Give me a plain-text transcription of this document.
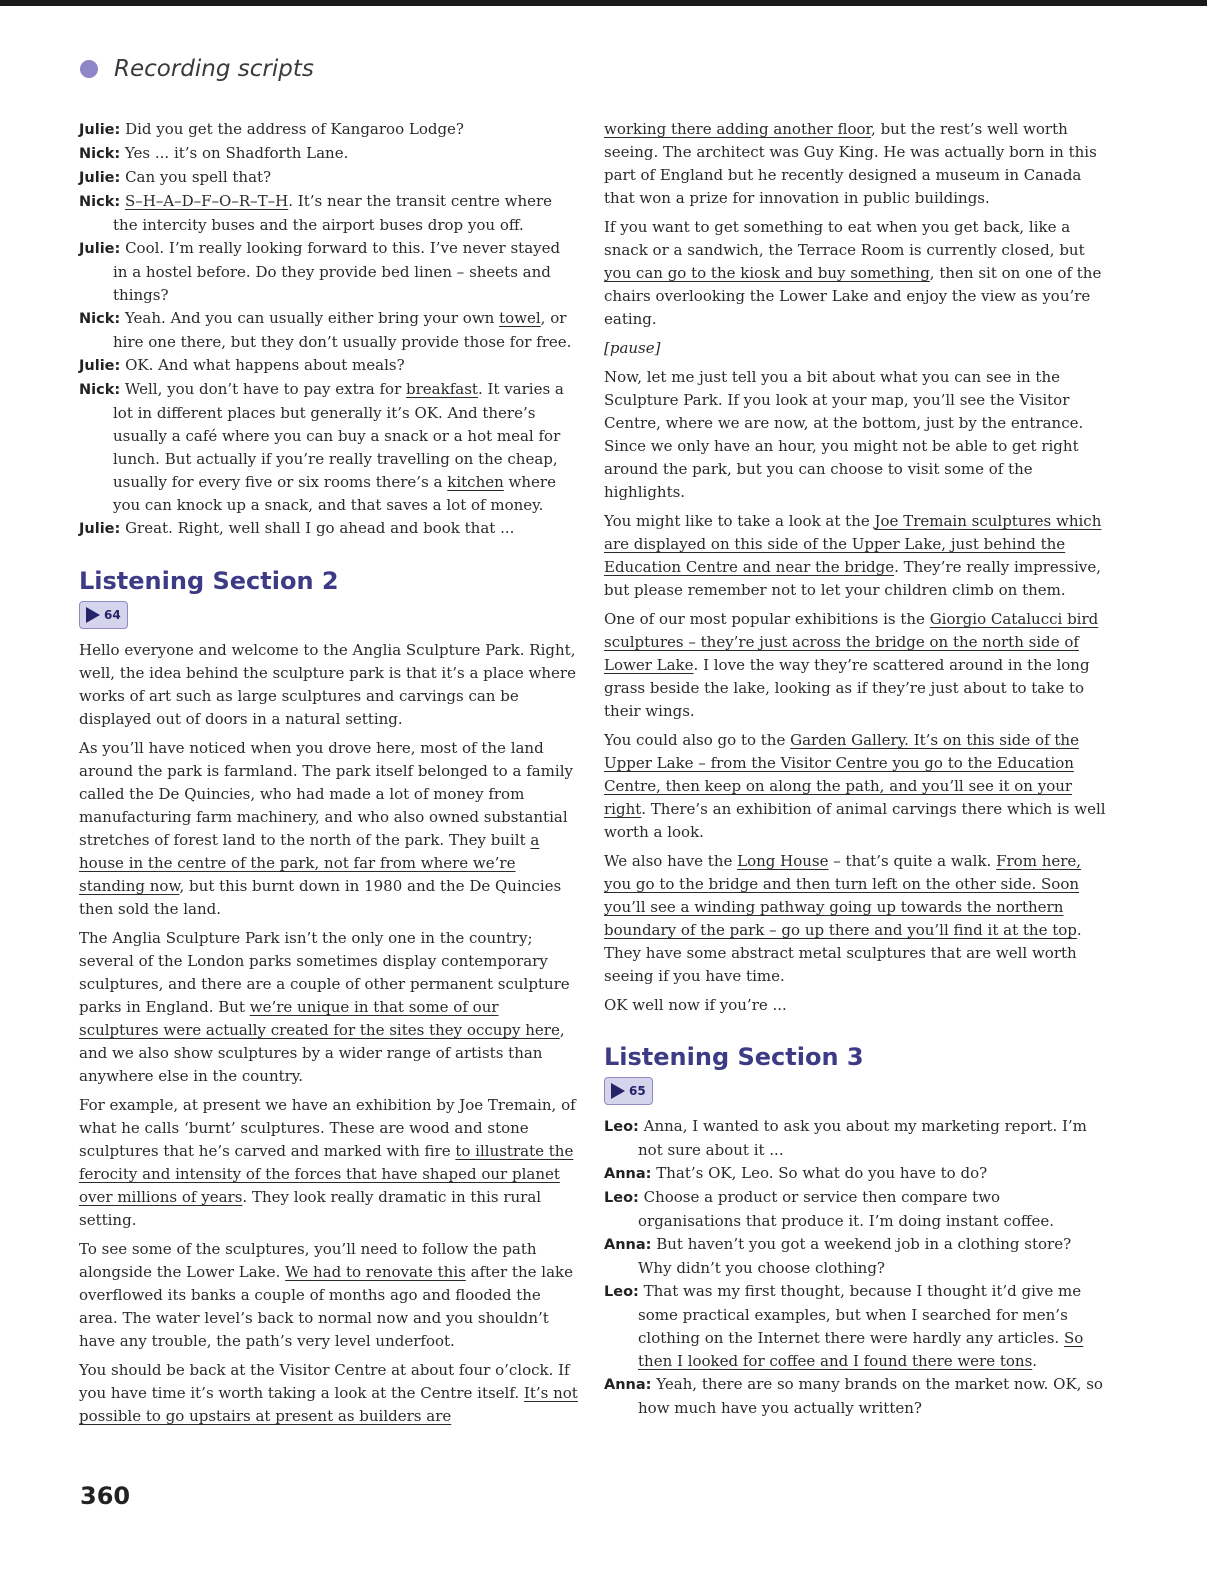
Recording scripts

Julie: Did you get the address of Kangaroo Lodge?

Nick: Yes ... it’s on Shadforth Lane.

Julie: Can you spell that?

Nick: S–H–A–D–F–O–R–T–H. It’s near the transit centre where the intercity buses and the airport buses drop you off.

Julie: Cool. I’m really looking forward to this. I’ve never stayed in a hostel before. Do they provide bed linen – sheets and things?

Nick: Yeah. And you can usually either bring your own towel, or hire one there, but they don’t usually provide those for free.

Julie: OK. And what happens about meals?

Nick: Well, you don’t have to pay extra for breakfast. It varies a lot in different places but generally it’s OK. And there’s usually a café where you can buy a snack or a hot meal for lunch. But actually if you’re really travelling on the cheap, usually for every five or six rooms there’s a kitchen where you can knock up a snack, and that saves a lot of money.

Julie: Great. Right, well shall I go ahead and book that ...

Listening Section 2
64

Hello everyone and welcome to the Anglia Sculpture Park. Right, well, the idea behind the sculpture park is that it’s a place where works of art such as large sculptures and carvings can be displayed out of doors in a natural setting.

As you’ll have noticed when you drove here, most of the land around the park is farmland. The park itself belonged to a family called the De Quincies, who had made a lot of money from manufacturing farm machinery, and who also owned substantial stretches of forest land to the north of the park. They built a house in the centre of the park, not far from where we’re standing now, but this burnt down in 1980 and the De Quincies then sold the land.

The Anglia Sculpture Park isn’t the only one in the country; several of the London parks sometimes display contemporary sculptures, and there are a couple of other permanent sculpture parks in England. But we’re unique in that some of our sculptures were actually created for the sites they occupy here, and we also show sculptures by a wider range of artists than anywhere else in the country.

For example, at present we have an exhibition by Joe Tremain, of what he calls ‘burnt’ sculptures. These are wood and stone sculptures that he’s carved and marked with fire to illustrate the ferocity and intensity of the forces that have shaped our planet over millions of years. They look really dramatic in this rural setting.

To see some of the sculptures, you’ll need to follow the path alongside the Lower Lake. We had to renovate this after the lake overflowed its banks a couple of months ago and flooded the area. The water level’s back to normal now and you shouldn’t have any trouble, the path’s very level underfoot.

You should be back at the Visitor Centre at about four o’clock. If you have time it’s worth taking a look at the Centre itself. It’s not possible to go upstairs at present as builders are

working there adding another floor, but the rest’s well worth seeing. The architect was Guy King. He was actually born in this part of England but he recently designed a museum in Canada that won a prize for innovation in public buildings.

If you want to get something to eat when you get back, like a snack or a sandwich, the Terrace Room is currently closed, but you can go to the kiosk and buy something, then sit on one of the chairs overlooking the Lower Lake and enjoy the view as you’re eating.

[pause]

Now, let me just tell you a bit about what you can see in the Sculpture Park. If you look at your map, you’ll see the Visitor Centre, where we are now, at the bottom, just by the entrance. Since we only have an hour, you might not be able to get right around the park, but you can choose to visit some of the highlights.

You might like to take a look at the Joe Tremain sculptures which are displayed on this side of the Upper Lake, just behind the Education Centre and near the bridge. They’re really impressive, but please remember not to let your children climb on them.

One of our most popular exhibitions is the Giorgio Catalucci bird sculptures – they’re just across the bridge on the north side of Lower Lake. I love the way they’re scattered around in the long grass beside the lake, looking as if they’re just about to take to their wings.

You could also go to the Garden Gallery. It’s on this side of the Upper Lake – from the Visitor Centre you go to the Education Centre, then keep on along the path, and you’ll see it on your right. There’s an exhibition of animal carvings there which is well worth a look.

We also have the Long House – that’s quite a walk. From here, you go to the bridge and then turn left on the other side. Soon you’ll see a winding pathway going up towards the northern boundary of the park – go up there and you’ll find it at the top. They have some abstract metal sculptures that are well worth seeing if you have time.

OK well now if you’re ...

Listening Section 3
65

Leo: Anna, I wanted to ask you about my marketing report. I’m not sure about it ...

Anna: That’s OK, Leo. So what do you have to do?

Leo: Choose a product or service then compare two organisations that produce it. I’m doing instant coffee.

Anna: But haven’t you got a weekend job in a clothing store? Why didn’t you choose clothing?

Leo: That was my first thought, because I thought it’d give me some practical examples, but when I searched for men’s clothing on the Internet there were hardly any articles. So then I looked for coffee and I found there were tons.

Anna: Yeah, there are so many brands on the market now. OK, so how much have you actually written?

360
